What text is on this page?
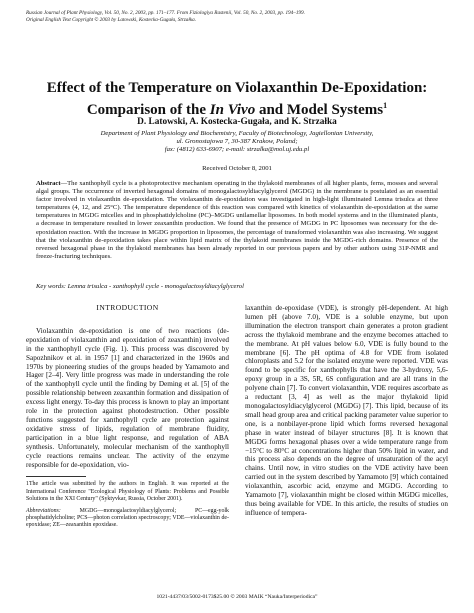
Russian Journal of Plant Physiology, Vol. 50, No. 2, 2003, pp. 171–177. From Fiziologiya Rastenii, Vol. 50, No. 2, 2003, pp. 194–199.
Original English Text Copyright © 2003 by Latowski, Kostecka-Gugała, Strzałka.
Effect of the Temperature on Violaxanthin De-Epoxidation:
Comparison of the In Vivo and Model Systems$^1$
D. Latowski, A. Kostecka-Gugała, and K. Strzałka
Department of Plant Physiology and Biochemistry, Faculty of Biotechnology, Jagiellonian University,
ul. Gronostajowa 7, 30-387 Krakow, Poland;
fax: (4812) 633-6907; e-mail: strzalka@mol.uj.edu.pl
Received October 8, 2001
Abstract—The xanthophyll cycle is a photoprotective mechanism operating in the thylakoid membranes of all higher plants, ferns, mosses and several algal groups. The occurrence of inverted hexagonal domains of monogalactosyldiacylglycerol (MGDG) in the membrane is postulated as an essential factor involved in violaxanthin de-epoxidation. The violaxanthin de-epoxidation was investigated in high-light illuminated Lemna trisulca at three temperatures (4, 12, and 25°C). The temperature dependence of this reaction was compared with kinetics of violaxanthin de-epoxidation at the same temperatures in MGDG micelles and in phosphatidylcholine (PC)–MGDG unilamellar liposomes. In both model systems and in the illuminated plants, a decrease in temperature resulted in lower zeaxanthin production. We found that the presence of MGDG in PC liposomes was necessary for the de-epoxidation reaction. With the increase in MGDG proportion in liposomes, the percentage of transformed violaxanthin was also increasing. We suggest that the violaxanthin de-epoxidation takes place within lipid matrix of the thylakoid membranes inside the MGDG-rich domains. Presence of the reversed hexagonal phase in the thylakoid membranes has been already reported in our previous papers and by other authors using 31P-NMR and freeze-fracturing techniques.
Key words: Lemna trisulca - xanthophyll cycle - monogalactosyldiacylglycerol
INTRODUCTION

Violaxanthin de-epoxidation is one of two reactions (de-epoxidation of violaxanthin and epoxidation of zeaxanthin) involved in the xanthophyll cycle (Fig. 1). This process was discovered by Sapozhnikov et al. in 1957 [1] and characterized in the 1960s and 1970s by pioneering studies of the groups headed by Yamamoto and Hager [2–4]. Very little progress was made in understanding the role of the xanthophyll cycle until the finding by Deming et al. [5] of the possible relationship between zeaxanthin formation and dissipation of excess light energy. To-day this process is known to play an important role in the protection against photodestruction. Other possible functions suggested for xanthophyll cycle are protection against oxidative stress of lipids, regulation of membrane fluidity, participation in a blue light response, and regulation of ABA synthesis. Unfortunately, molecular mechanism of the xanthophyll cycle reactions remains unclear. The activity of the enzyme responsible for de-epoxidation, vio-

1The article was submitted by the authors in English. It was reported at the International Conference "Ecological Physiology of Plants: Problems and Possible Solutions in the XXI Century" (Syktyvkar, Russia, October 2001).

Abbreviations: MGDG—monogalactosyldiacylglycerol; PC—egg-yolk phosphatidylcholine; PCS—photon correlation spectroscopy; VDE—violaxanthin de-epoxidase; ZE—zeaxanthin epoxidase.

laxanthin de-epoxidase (VDE), is strongly pH-dependent. At high lumen pH (above 7.0), VDE is a soluble enzyme, but upon illumination the electron transport chain generates a proton gradient across the thylakoid membrane and the enzyme becomes attached to the membrane. At pH values below 6.0, VDE is fully bound to the membrane [6]. The pH optima of 4.8 for VDE from isolated chloroplasts and 5.2 for the isolated enzyme were reported. VDE was found to be specific for xanthophylls that have the 3-hydroxy, 5,6-epoxy group in a 3S, 5R, 6S configuration and are all trans in the polyene chain [7]. To convert violaxanthin, VDE requires ascorbate as a reductant [3, 4] as well as the major thylakoid lipid monogalactosyldiacylglycerol (MGDG) [7]. This lipid, because of its small head group area and critical packing parameter value superior to one, is a nonbilayer-prone lipid which forms reversed hexagonal phase in water instead of bilayer structures [8]. It is known that MGDG forms hexagonal phases over a wide temperature range from −15°C to 80°C at concentrations higher than 50% lipid in water, and this process also depends on the degree of unsaturation of the acyl chains. Until now, in vitro studies on the VDE activity have been carried out in the system described by Yamamoto [9] which contained violaxanthin, ascorbic acid, enzyme and MGDG. According to Yamamoto [7], violaxanthin might be closed within MGDG micelles, thus being available for VDE. In this article, the results of studies on influence of tempera-

1021-4437/03/5002-0173$25.00 © 2003 MAIK “Nauka/Interperiodica”
